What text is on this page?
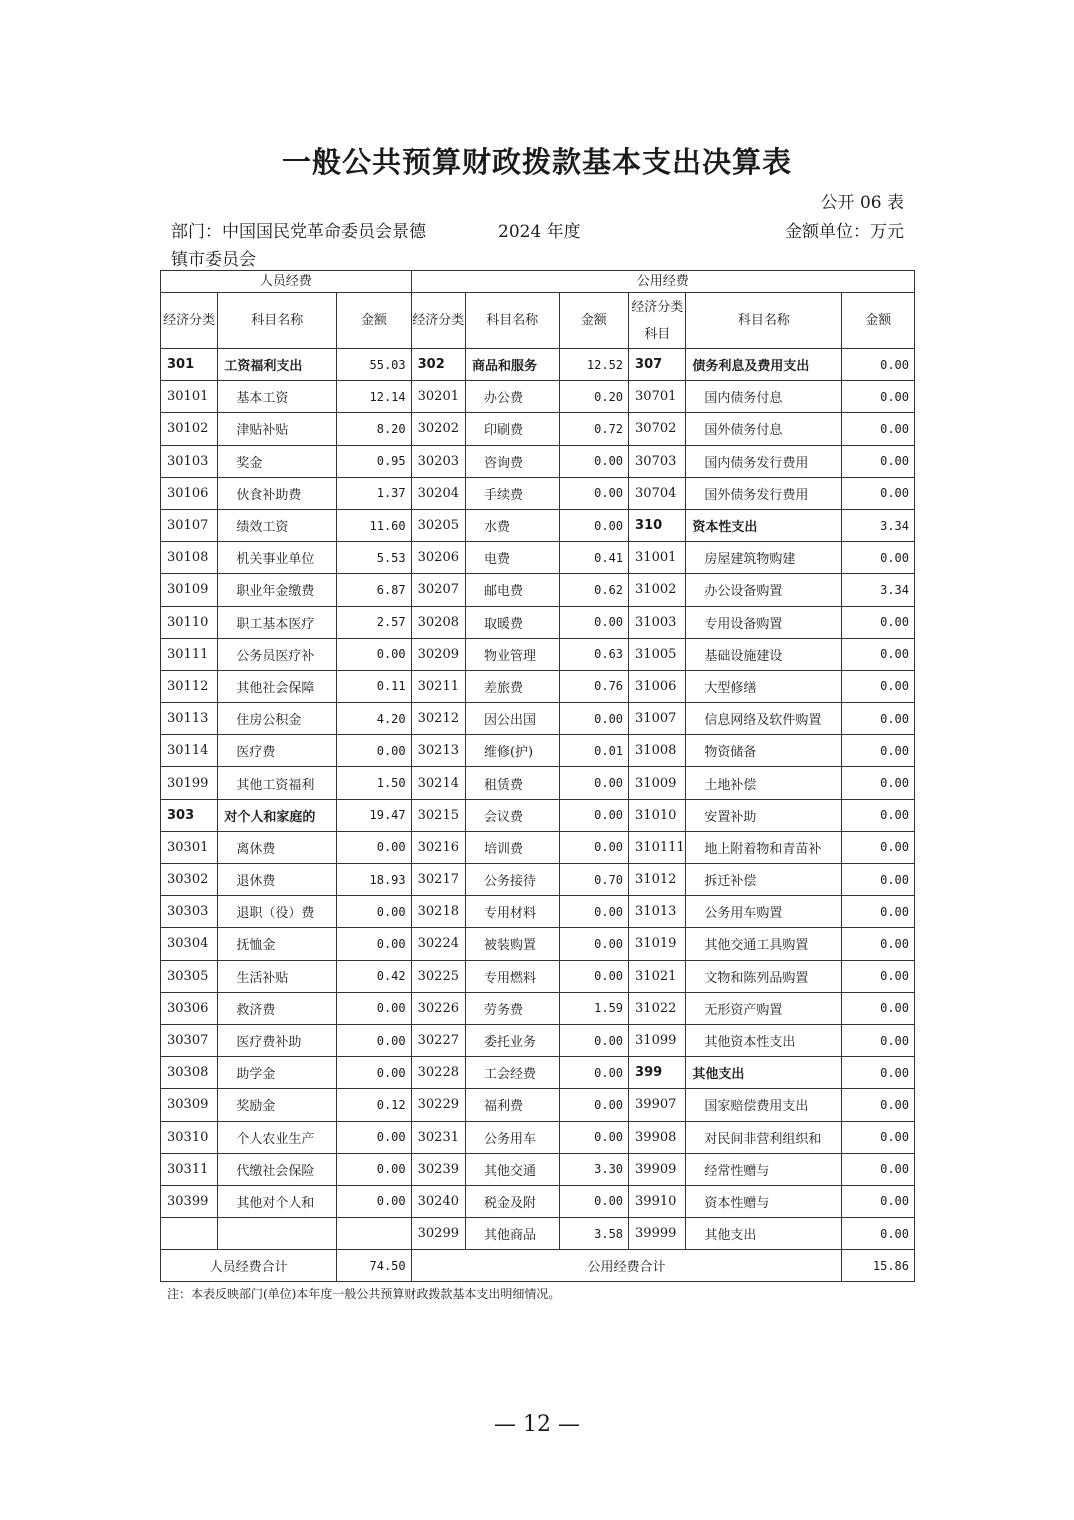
一般公共预算财政拨款基本支出决算表
公开 06 表
部门：中国国民党革命委员会景德
镇市委员会
2024 年度	金额单位：万元
人员经费			公用经费					
经济分类	科目名称	金额	经济分类	科目名称	金额	经济分类科目	科目名称	金额
301	工资福利支出	55.03	302	商品和服务	12.52	307	债务利息及费用支出	0.00
30101	基本工资	12.14	30201	办公费	0.20	30701	国内债务付息	0.00
30102	津贴补贴	8.20	30202	印刷费	0.72	30702	国外债务付息	0.00
30103	奖金	0.95	30203	咨询费	0.00	30703	国内债务发行费用	0.00
30106	伙食补助费	1.37	30204	手续费	0.00	30704	国外债务发行费用	0.00
30107	绩效工资	11.60	30205	水费	0.00	310	资本性支出	3.34
30108	机关事业单位	5.53	30206	电费	0.41	31001	房屋建筑物购建	0.00
30109	职业年金缴费	6.87	30207	邮电费	0.62	31002	办公设备购置	3.34
30110	职工基本医疗	2.57	30208	取暖费	0.00	31003	专用设备购置	0.00
30111	公务员医疗补	0.00	30209	物业管理	0.63	31005	基础设施建设	0.00
30112	其他社会保障	0.11	30211	差旅费	0.76	31006	大型修缮	0.00
30113	住房公积金	4.20	30212	因公出国	0.00	31007	信息网络及软件购置	0.00
30114	医疗费	0.00	30213	维修(护)	0.01	31008	物资储备	0.00
30199	其他工资福利	1.50	30214	租赁费	0.00	31009	土地补偿	0.00
303	对个人和家庭的	19.47	30215	会议费	0.00	31010	安置补助	0.00
30301	离休费	0.00	30216	培训费	0.00	310111	地上附着物和青苗补	0.00
30302	退休费	18.93	30217	公务接待	0.70	31012	拆迁补偿	0.00
30303	退职（役）费	0.00	30218	专用材料	0.00	31013	公务用车购置	0.00
30304	抚恤金	0.00	30224	被装购置	0.00	31019	其他交通工具购置	0.00
30305	生活补贴	0.42	30225	专用燃料	0.00	31021	文物和陈列品购置	0.00
30306	救济费	0.00	30226	劳务费	1.59	31022	无形资产购置	0.00
30307	医疗费补助	0.00	30227	委托业务	0.00	31099	其他资本性支出	0.00
30308	助学金	0.00	30228	工会经费	0.00	399	其他支出	0.00
30309	奖励金	0.12	30229	福利费	0.00	39907	国家赔偿费用支出	0.00
30310	个人农业生产	0.00	30231	公务用车	0.00	39908	对民间非营利组织和	0.00
30311	代缴社会保险	0.00	30239	其他交通	3.30	39909	经常性赠与	0.00
30399	其他对个人和	0.00	30240	税金及附	0.00	39910	资本性赠与	0.00
			30299	其他商品	3.58	39999	其他支出	0.00
人员经费合计		74.50	公用经费合计					15.86
注：本表反映部门(单位)本年度一般公共预算财政拨款基本支出明细情况。
— 12 —
